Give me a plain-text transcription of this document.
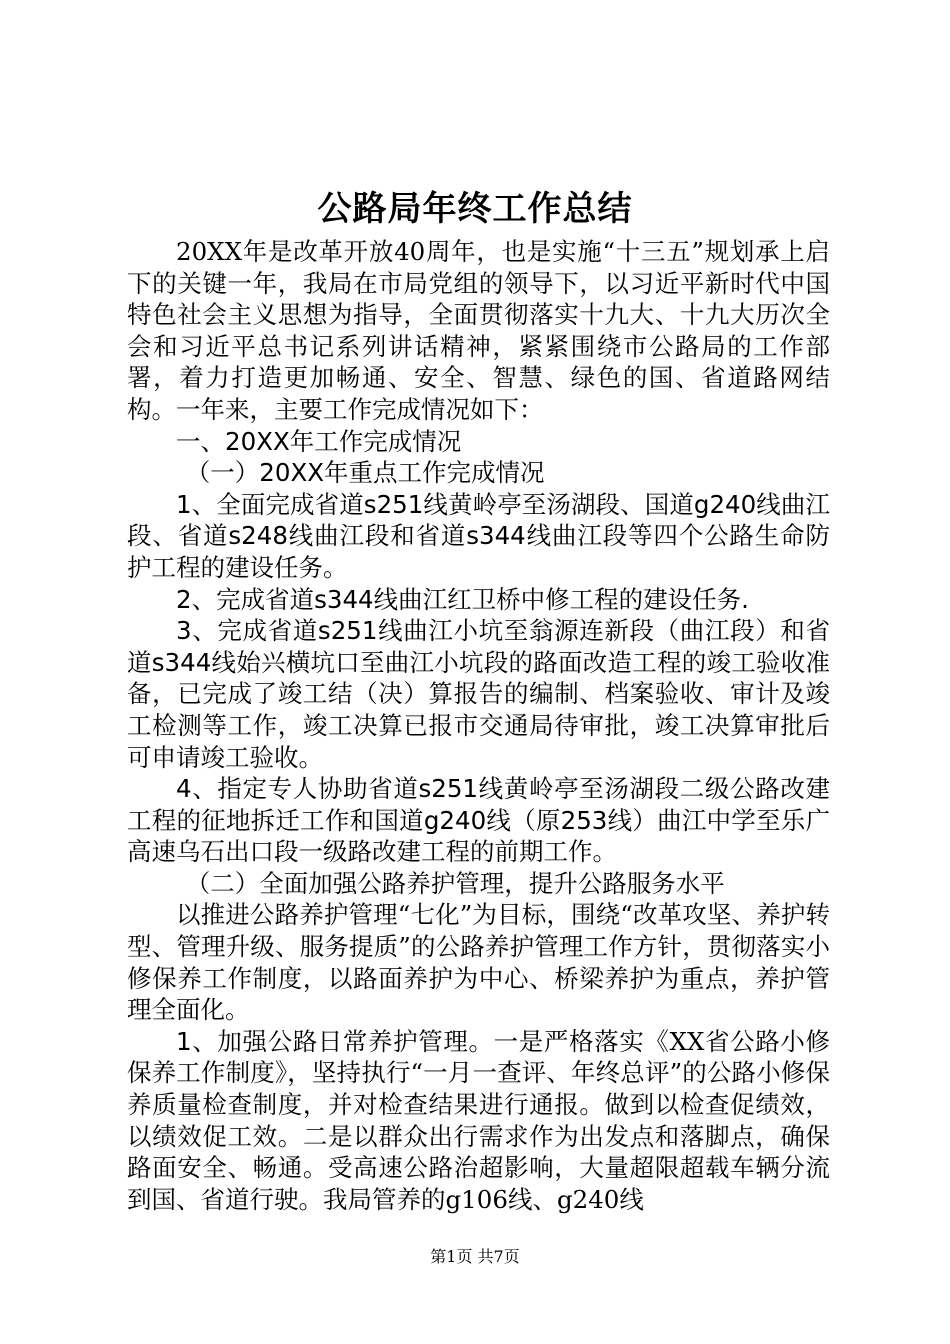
公路局年终工作总结

20XX年是改革开放40周年，也是实施“十三五”规划承上启下的关键一年，我局在市局党组的领导下，以习近平新时代中国特色社会主义思想为指导，全面贯彻落实十九大、十九大历次全会和习近平总书记系列讲话精神，紧紧围绕市公路局的工作部署，着力打造更加畅通、安全、智慧、绿色的国、省道路网结构。一年来，主要工作完成情况如下：

一、20XX年工作完成情况

（一）20XX年重点工作完成情况

1、全面完成省道s251线黄岭亭至汤湖段、国道g240线曲江段、省道s248线曲江段和省道s344线曲江段等四个公路生命防护工程的建设任务。

2、完成省道s344线曲江红卫桥中修工程的建设任务.

3、完成省道s251线曲江小坑至翁源连新段（曲江段）和省道s344线始兴横坑口至曲江小坑段的路面改造工程的竣工验收准备，已完成了竣工结（决）算报告的编制、档案验收、审计及竣工检测等工作，竣工决算已报市交通局待审批，竣工决算审批后可申请竣工验收。

4、指定专人协助省道s251线黄岭亭至汤湖段二级公路改建工程的征地拆迁工作和国道g240线（原253线）曲江中学至乐广高速乌石出口段一级路改建工程的前期工作。

（二）全面加强公路养护管理，提升公路服务水平

以推进公路养护管理“七化”为目标，围绕“改革攻坚、养护转型、管理升级、服务提质”的公路养护管理工作方针，贯彻落实小修保养工作制度，以路面养护为中心、桥梁养护为重点，养护管理全面化。

1、加强公路日常养护管理。一是严格落实《XX省公路小修保养工作制度》，坚持执行“一月一查评、年终总评”的公路小修保养质量检查制度，并对检查结果进行通报。做到以检查促绩效，以绩效促工效。二是以群众出行需求作为出发点和落脚点，确保路面安全、畅通。受高速公路治超影响，大量超限超载车辆分流到国、省道行驶。我局管养的g106线、g240线

第1页 共7页
